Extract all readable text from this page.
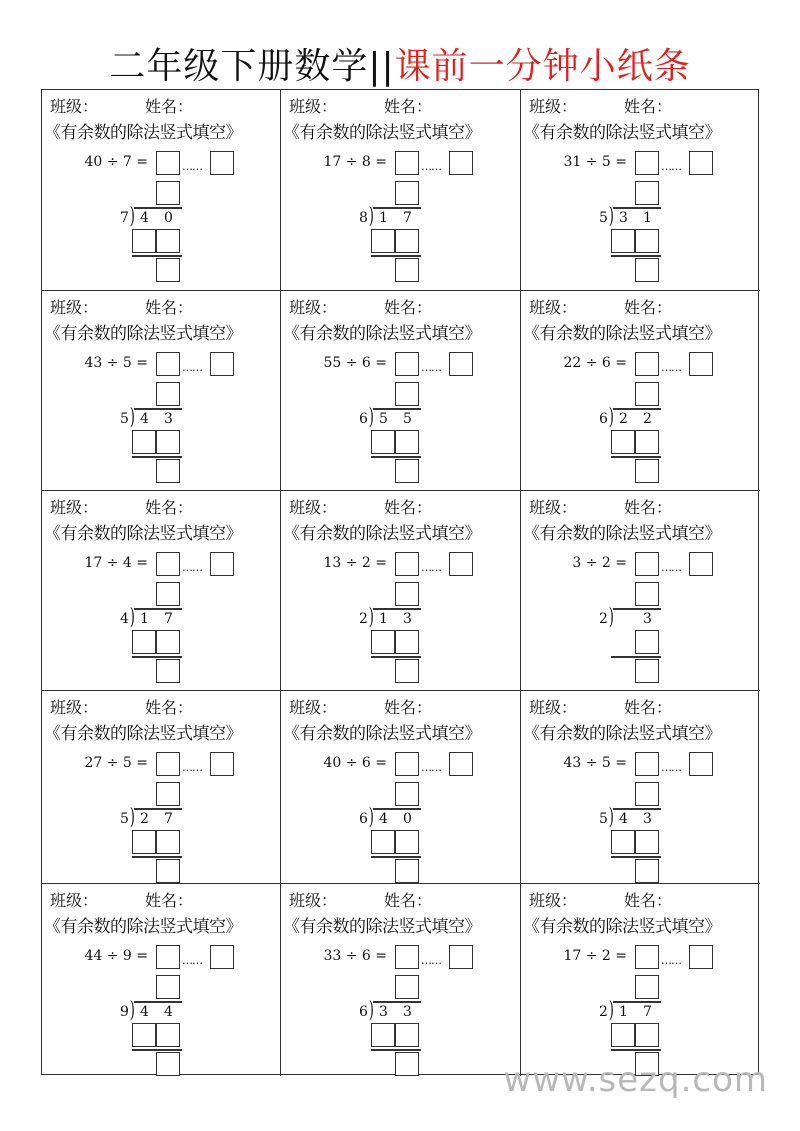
二年级下册数学||课前一分钟小纸条
班级：	姓名：
《有余数的除法竖式填空》
40 ÷ 7 =	……
)
7 4 0
班级：	姓名：
《有余数的除法竖式填空》
17 ÷ 8 =	……
)
8 1 7
班级：	姓名：
《有余数的除法竖式填空》
31 ÷ 5 =	……
)
5 3 1
班级：	姓名：
《有余数的除法竖式填空》
43 ÷ 5 =	……
)
5 4 3
班级：	姓名：
《有余数的除法竖式填空》
55 ÷ 6 =	……
)
6 5 5
班级：	姓名：
《有余数的除法竖式填空》
22 ÷ 6 =	……
)
6 2 2
班级：	姓名：
《有余数的除法竖式填空》
17 ÷ 4 =	……
)
4 1 7
班级：	姓名：
《有余数的除法竖式填空》
13 ÷ 2 =	……
)
2 1 3
班级：	姓名：
《有余数的除法竖式填空》
3 ÷ 2 =	……
)
2	3
班级：	姓名：
《有余数的除法竖式填空》
27 ÷ 5 =	……
)
5 2 7
班级：	姓名：
《有余数的除法竖式填空》
40 ÷ 6 =	……
)
6 4 0
班级：	姓名：
《有余数的除法竖式填空》
43 ÷ 5 =	……
)
5 4 3
班级：	姓名：
《有余数的除法竖式填空》
44 ÷ 9 =	……
)
9 4 4
班级：	姓名：
《有余数的除法竖式填空》
33 ÷ 6 =	……
)
6 3 3
班级：	姓名：
《有余数的除法竖式填空》
17 ÷ 2 =	……
)
2 1 7
www.sezq.com
